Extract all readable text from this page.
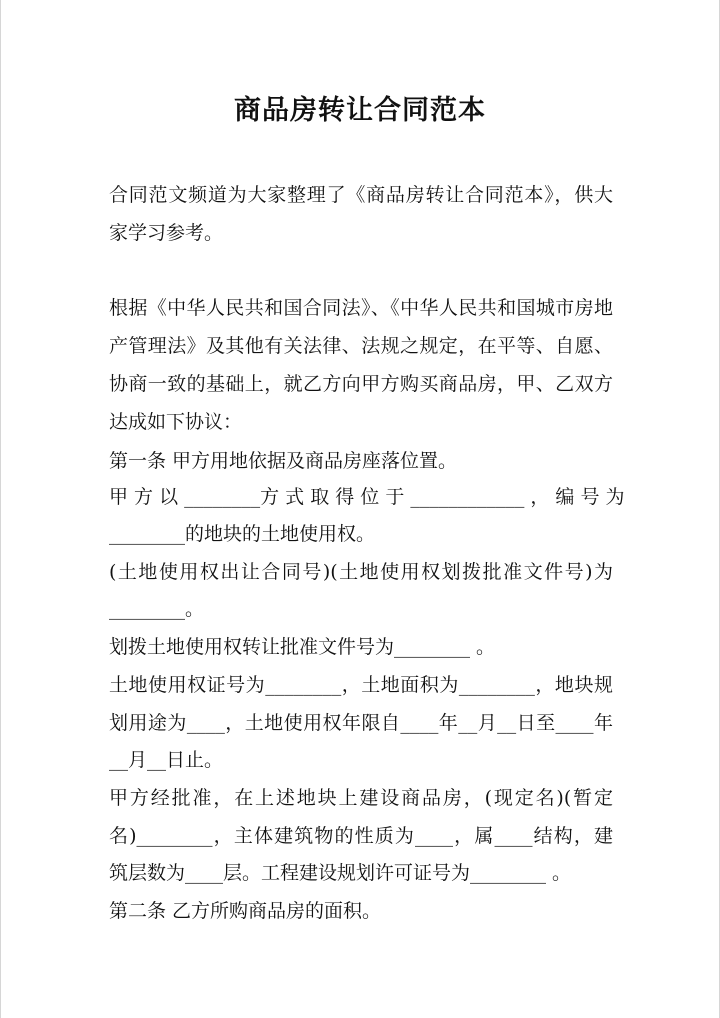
商品房转让合同范本

合同范文频道为大家整理了《商品房转让合同范本》，供大

家学习参考。

根据《中华人民共和国合同法》、《中华人民共和国城市房地

产管理法》及其他有关法律、法规之规定，在平等、自愿、

协商一致的基础上，就乙方向甲方购买商品房，甲、乙双方

达成如下协议：

第一条 甲方用地依据及商品房座落位置。

甲 方 以 ________方 式 取 得 位 于 ____________ ， 编 号 为

________的地块的土地使用权。

(土地使用权出让合同号)(土地使用权划拨批准文件号)为

________。

划拨土地使用权转让批准文件号为________ 。

土地使用权证号为________，土地面积为________，地块规

划用途为____，土地使用权年限自____年__月__日至____年

__月__日止。

甲方经批准，在上述地块上建设商品房，(现定名)(暂定

名)________，主体建筑物的性质为____，属____结构，建

筑层数为____层。工程建设规划许可证号为________ 。

第二条 乙方所购商品房的面积。
